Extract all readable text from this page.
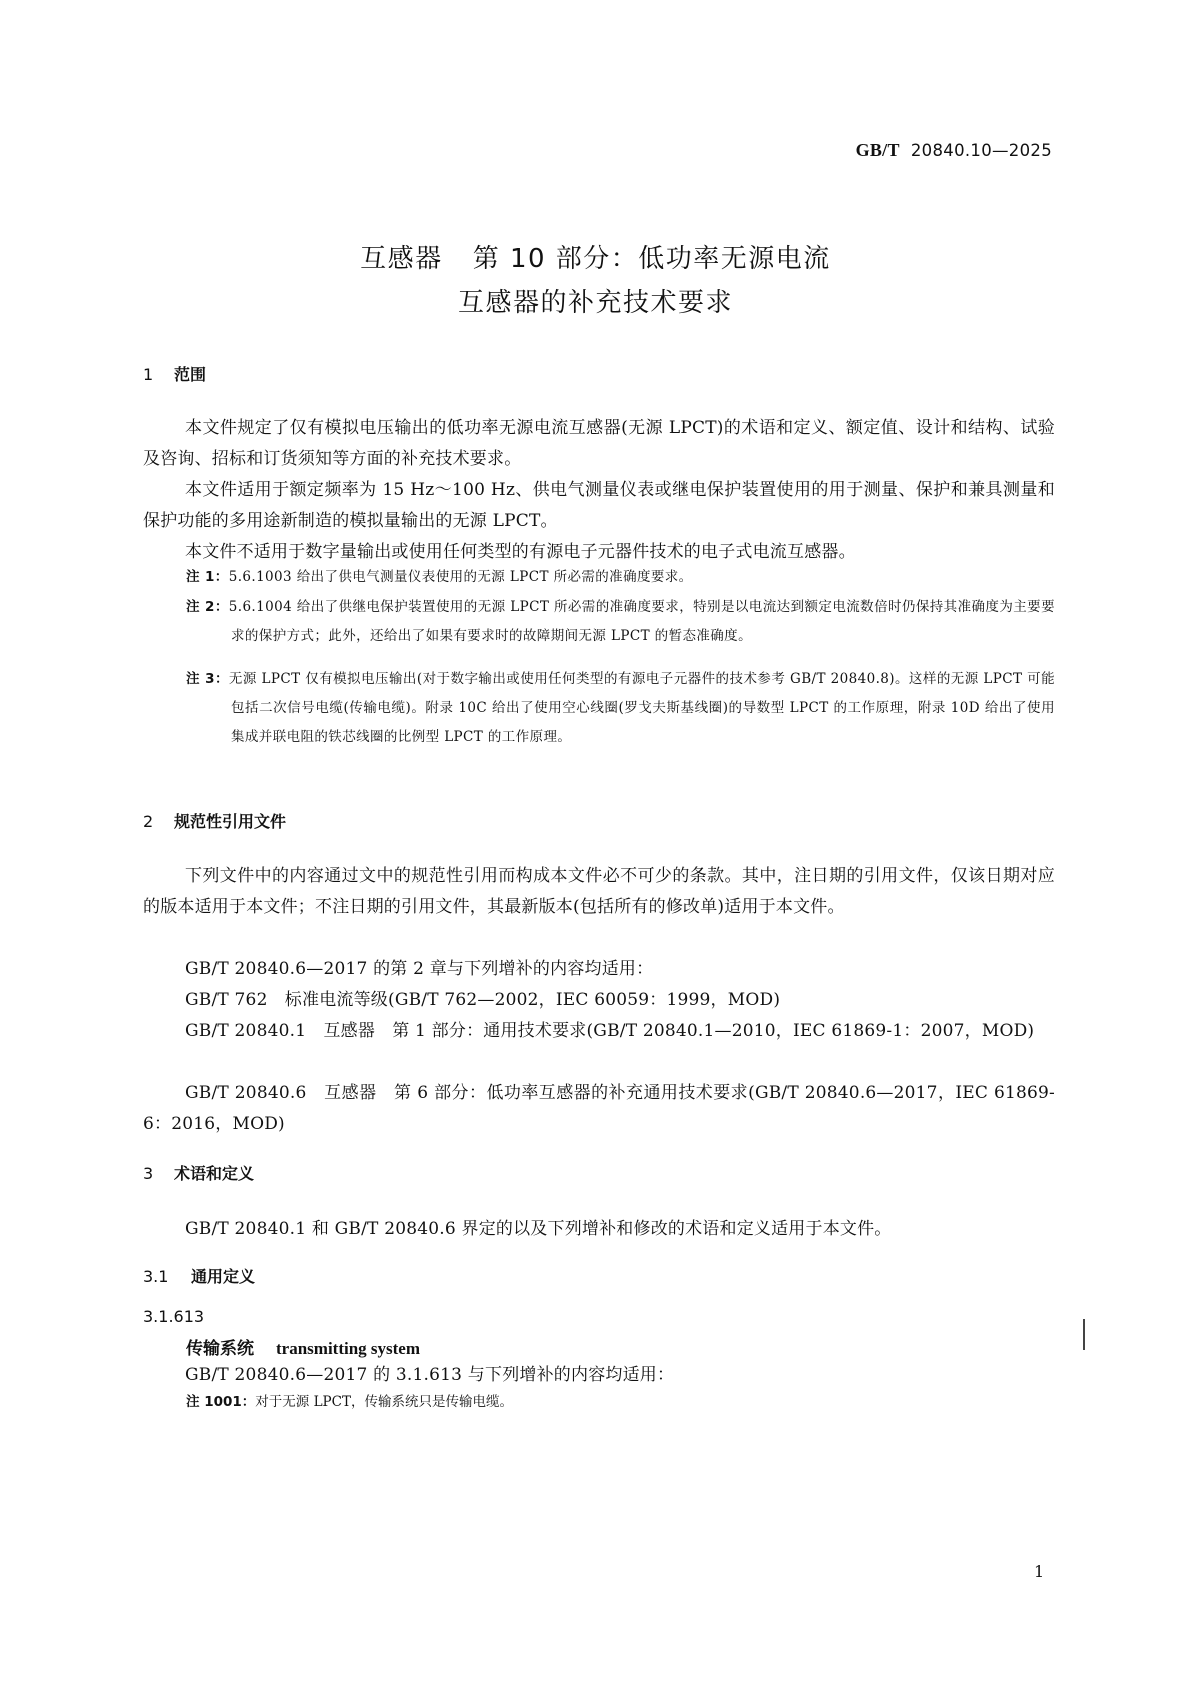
GB/T 20840.10—2025
互感器 第 10 部分：低功率无源电流
互感器的补充技术要求
1 范围
本文件规定了仅有模拟电压输出的低功率无源电流互感器(无源 LPCT)的术语和定义、额定值、设计和结构、试验及咨询、招标和订货须知等方面的补充技术要求。
本文件适用于额定频率为 15 Hz～100 Hz、供电气测量仪表或继电保护装置使用的用于测量、保护和兼具测量和保护功能的多用途新制造的模拟量输出的无源 LPCT。
本文件不适用于数字量输出或使用任何类型的有源电子元器件技术的电子式电流互感器。
注 1：5.6.1003 给出了供电气测量仪表使用的无源 LPCT 所必需的准确度要求。
注 2：5.6.1004 给出了供继电保护装置使用的无源 LPCT 所必需的准确度要求，特别是以电流达到额定电流数倍时仍保持其准确度为主要要求的保护方式；此外，还给出了如果有要求时的故障期间无源 LPCT 的暂态准确度。
注 3：无源 LPCT 仅有模拟电压输出(对于数字输出或使用任何类型的有源电子元器件的技术参考 GB/T 20840.8)。这样的无源 LPCT 可能包括二次信号电缆(传输电缆)。附录 10C 给出了使用空心线圈(罗戈夫斯基线圈)的导数型 LPCT 的工作原理，附录 10D 给出了使用集成并联电阻的铁芯线圈的比例型 LPCT 的工作原理。
2 规范性引用文件
下列文件中的内容通过文中的规范性引用而构成本文件必不可少的条款。其中，注日期的引用文件，仅该日期对应的版本适用于本文件；不注日期的引用文件，其最新版本(包括所有的修改单)适用于本文件。
GB/T 20840.6—2017 的第 2 章与下列增补的内容均适用：
GB/T 762　标准电流等级(GB/T 762—2002，IEC 60059：1999，MOD)
GB/T 20840.1　互感器　第 1 部分：通用技术要求(GB/T 20840.1—2010，IEC 61869-1：2007，MOD)
GB/T 20840.6　互感器　第 6 部分：低功率互感器的补充通用技术要求(GB/T 20840.6—2017，IEC 61869-6：2016，MOD)
3 术语和定义
GB/T 20840.1 和 GB/T 20840.6 界定的以及下列增补和修改的术语和定义适用于本文件。
3.1 通用定义
3.1.613
传输系统 transmitting system
GB/T 20840.6—2017 的 3.1.613 与下列增补的内容均适用：
注 1001：对于无源 LPCT，传输系统只是传输电缆。
1
